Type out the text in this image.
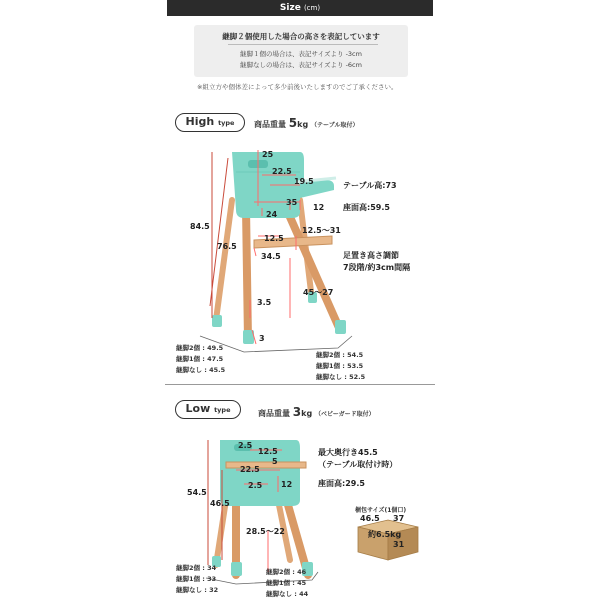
Size (cm)
継脚２個使用した場合の高さを表記しています
継脚１個の場合は、表記サイズより -3cm
継脚なしの場合は、表記サイズより -6cm
※組立方や個体差によって多少前後いたしますのでご了承ください。
High type	商品重量 5kg （テーブル取付）
25
22.5
19.5
35
24
12
テーブル高:73
座面高:59.5
84.5
76.5
12.5
12.5～31
34.5	足置き高さ調節
7段階/約3cm間隔
45～27
3.5
3
継脚2個 : 49.5
継脚1個 : 47.5
継脚なし : 45.5
継脚2個 : 54.5
継脚1個 : 53.5
継脚なし : 52.5
Low type	商品重量 3kg （ベビーガード取付）
2.5
12.5
22.5
5
2.5 12
最大奥行き45.5
（テーブル取付け時）
座面高:29.5
54.5
46.5
28.5～22
継脚2個 : 34
継脚1個 : 33
継脚なし : 32
継脚2個 : 46
継脚1個 : 45
継脚なし : 44
梱包サイズ(1個口)
46.5 37
約6.5kg
31
